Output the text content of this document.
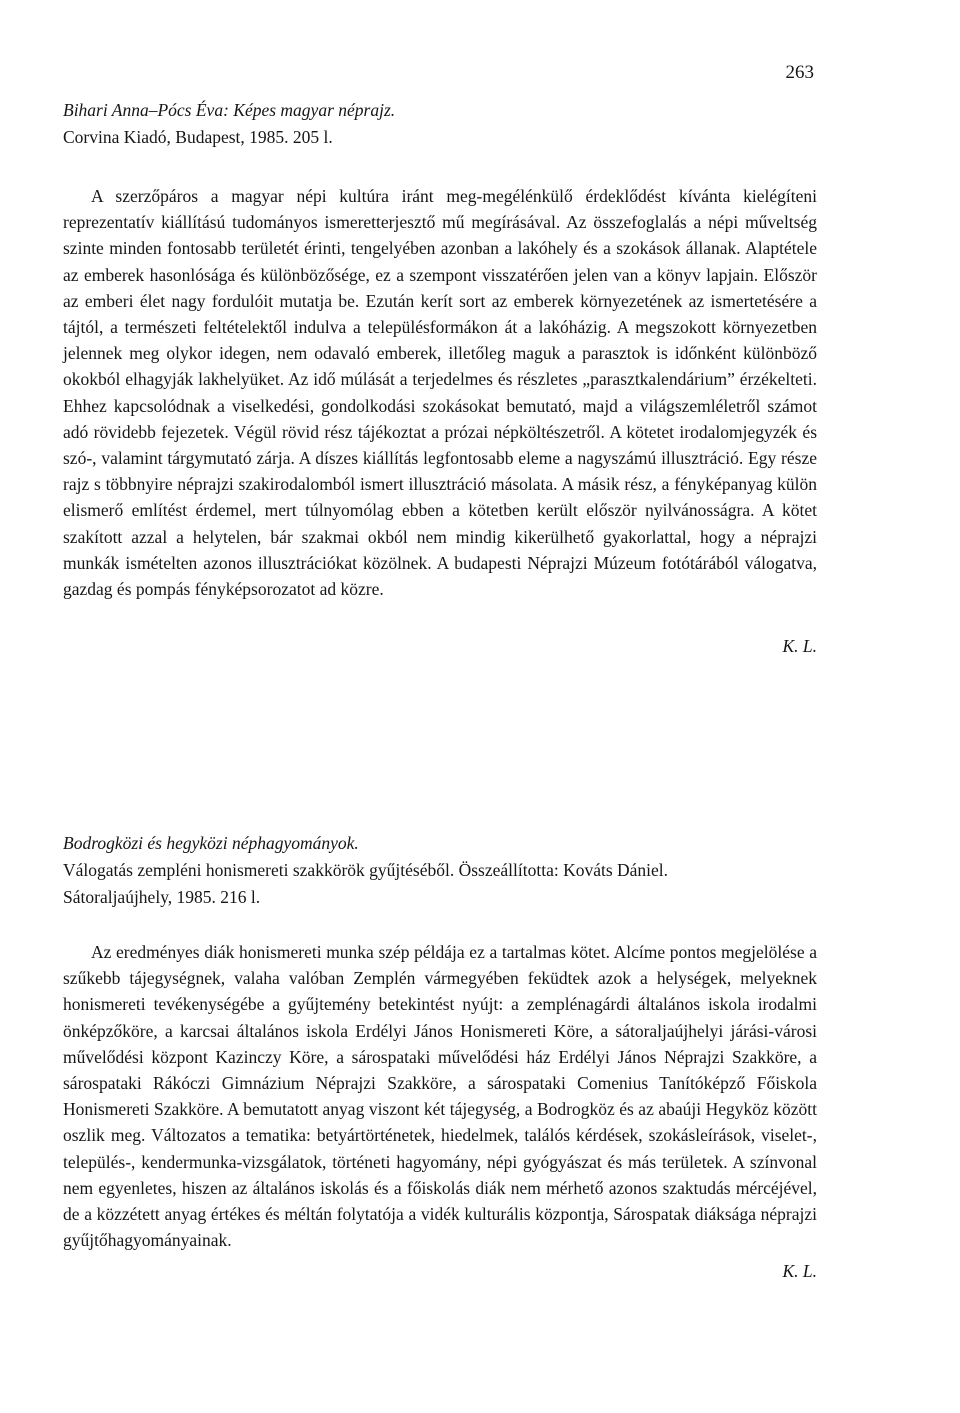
263

Bihari Anna–Pócs Éva: Képes magyar néprajz.
Corvina Kiadó, Budapest, 1985. 205 l.

A szerzőpáros a magyar népi kultúra iránt meg-megélénkülő érdeklődést kívánta kielégíteni reprezentatív kiállítású tudományos ismeretterjesztő mű megírásával. Az összefoglalás a népi műveltség szinte minden fontosabb területét érinti, tengelyében azonban a lakóhely és a szokások állanak. Alaptétele az emberek hasonlósága és különbözősége, ez a szempont visszatérően jelen van a könyv lapjain. Először az emberi élet nagy fordulóit mutatja be. Ezután kerít sort az emberek környezetének az ismertetésére a tájtól, a természeti feltételektől indulva a településformákon át a lakóházig. A megszokott környezetben jelennek meg olykor idegen, nem odavaló emberek, illetőleg maguk a parasztok is időnként különböző okokból elhagyják lakhelyüket. Az idő múlását a terjedelmes és részletes „parasztkalendárium” érzékelteti. Ehhez kapcsolódnak a viselkedési, gondolkodási szokásokat bemutató, majd a világszemléletről számot adó rövidebb fejezetek. Végül rövid rész tájékoztat a prózai népköltészetről. A kötetet irodalomjegyzék és szó-, valamint tárgymutató zárja. A díszes kiállítás legfontosabb eleme a nagyszámú illusztráció. Egy része rajz s többnyire néprajzi szakirodalomból ismert illusztráció másolata. A másik rész, a fényképanyag külön elismerő említést érdemel, mert túlnyomólag ebben a kötetben került először nyilvánosságra. A kötet szakított azzal a helytelen, bár szakmai okból nem mindig kikerülhető gyakorlattal, hogy a néprajzi munkák ismételten azonos illusztrációkat közölnek. A budapesti Néprajzi Múzeum fotótárából válogatva, gazdag és pompás fényképsorozatot ad közre.

K. L.

Bodrogközi és hegyközi néphagyományok.
Válogatás zempléni honismereti szakkörök gyűjtéséből. Összeállította: Kováts Dániel.
Sátoraljaújhely, 1985. 216 l.

Az eredményes diák honismereti munka szép példája ez a tartalmas kötet. Alcíme pontos megjelölése a szűkebb tájegységnek, valaha valóban Zemplén vármegyében feküdtek azok a helységek, melyeknek honismereti tevékenységébe a gyűjtemény betekintést nyújt: a zemplénagárdi általános iskola irodalmi önképzőköre, a karcsai általános iskola Erdélyi János Honismereti Köre, a sátoraljaújhelyi járási-városi művelődési központ Kazinczy Köre, a sárospataki művelődési ház Erdélyi János Néprajzi Szakköre, a sárospataki Rákóczi Gimnázium Néprajzi Szakköre, a sárospataki Comenius Tanítóképző Főiskola Honismereti Szakköre. A bemutatott anyag viszont két tájegység, a Bodrogköz és az abaúji Hegyköz között oszlik meg. Változatos a tematika: betyártörténetek, hiedelmek, találós kérdések, szokásleírások, viselet-, település-, kendermunka-vizsgálatok, történeti hagyomány, népi gyógyászat és más területek. A színvonal nem egyenletes, hiszen az általános iskolás és a főiskolás diák nem mérhető azonos szaktudás mércéjével, de a közzétett anyag értékes és méltán folytatója a vidék kulturális központja, Sárospatak diáksága néprajzi gyűjtőhagyományainak.

K. L.
